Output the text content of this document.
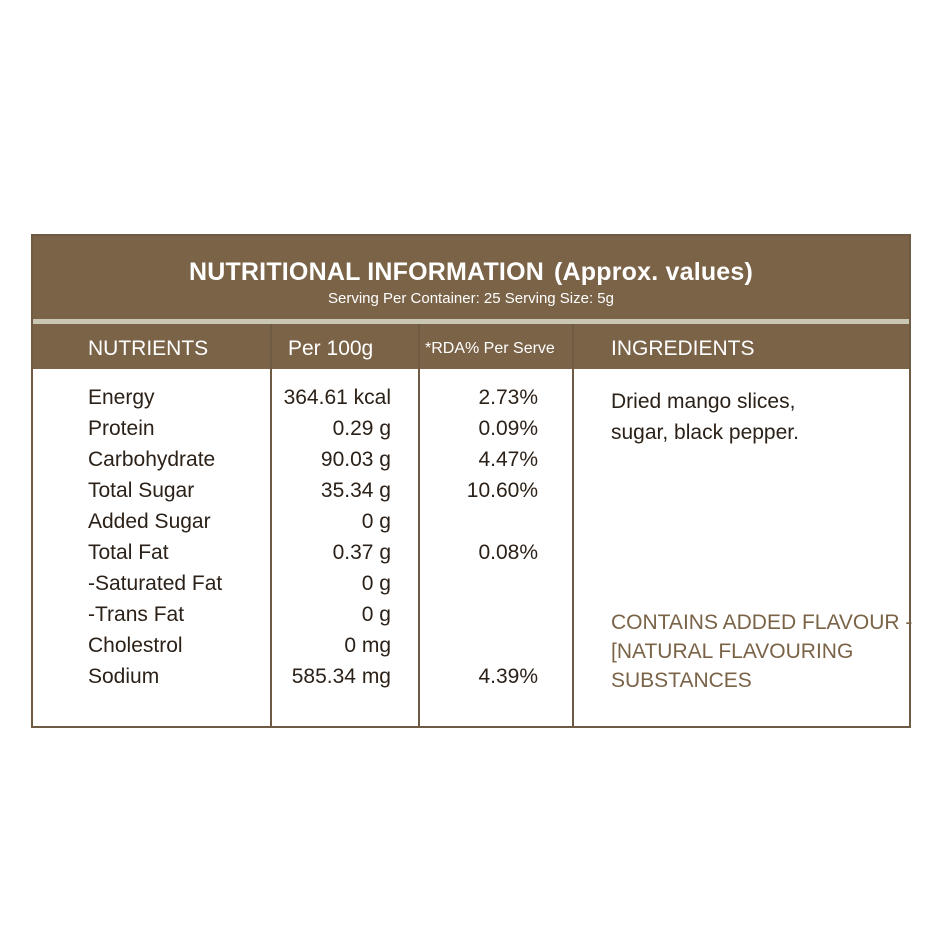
NUTRITIONAL INFORMATION (Approx. values)
Serving Per Container: 25 Serving Size: 5g
NUTRIENTS	Per 100g	*RDA% Per Serve	INGREDIENTS
Energy	364.61 kcal	2.73%
Protein	0.29 g	0.09%
Carbohydrate	90.03 g	4.47%
Total Sugar	35.34 g	10.60%
Added Sugar	0 g
Total Fat	0.37 g	0.08%
-Saturated Fat	0 g
-Trans Fat	0 g
Cholestrol	0 mg
Sodium	585.34 mg	4.39%
Dried mango slices,
sugar, black pepper.
CONTAINS ADDED FLAVOUR -
[NATURAL FLAVOURING
SUBSTANCES
